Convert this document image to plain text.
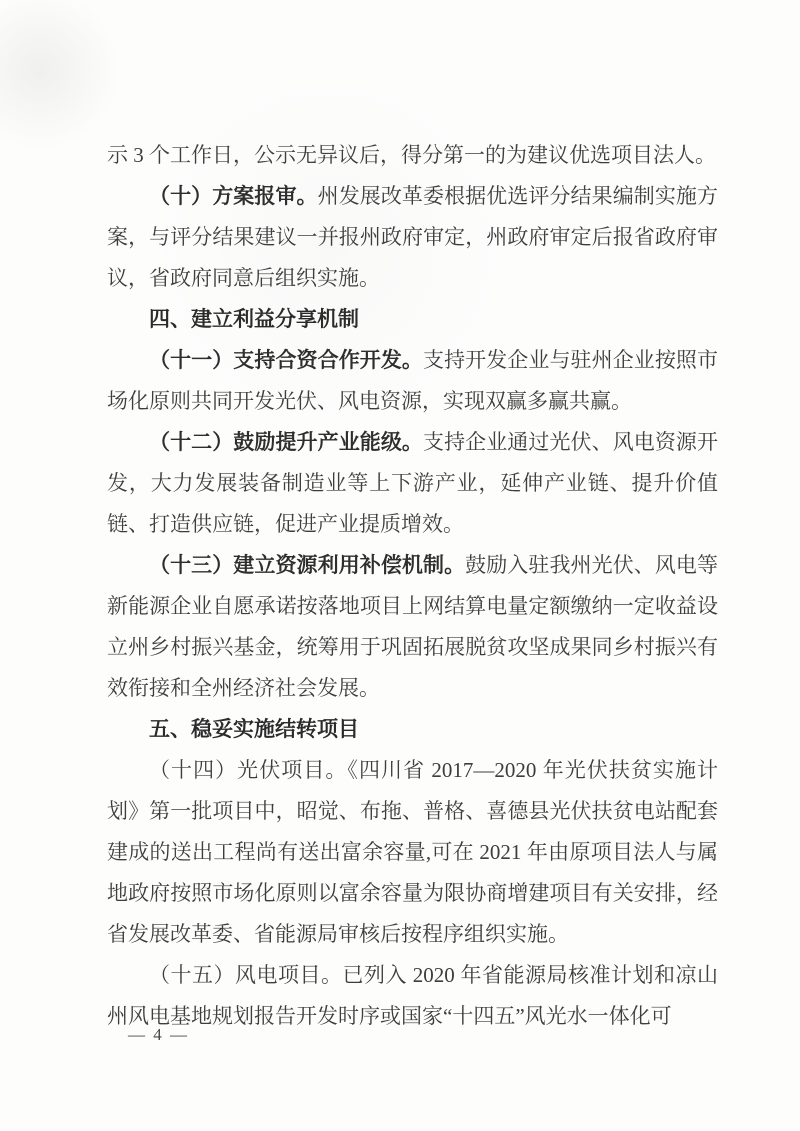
示 3 个工作日，公示无异议后，得分第一的为建议优选项目法人。

（十）方案报审。州发展改革委根据优选评分结果编制实施方案，与评分结果建议一并报州政府审定，州政府审定后报省政府审议，省政府同意后组织实施。

四、建立利益分享机制

（十一）支持合资合作开发。支持开发企业与驻州企业按照市场化原则共同开发光伏、风电资源，实现双赢多赢共赢。

（十二）鼓励提升产业能级。支持企业通过光伏、风电资源开发，大力发展装备制造业等上下游产业，延伸产业链、提升价值链、打造供应链，促进产业提质增效。

（十三）建立资源利用补偿机制。鼓励入驻我州光伏、风电等新能源企业自愿承诺按落地项目上网结算电量定额缴纳一定收益设立州乡村振兴基金，统筹用于巩固拓展脱贫攻坚成果同乡村振兴有效衔接和全州经济社会发展。

五、稳妥实施结转项目

（十四）光伏项目。《四川省 2017—2020 年光伏扶贫实施计划》第一批项目中，昭觉、布拖、普格、喜德县光伏扶贫电站配套建成的送出工程尚有送出富余容量,可在 2021 年由原项目法人与属地政府按照市场化原则以富余容量为限协商增建项目有关安排，经省发展改革委、省能源局审核后按程序组织实施。

（十五）风电项目。已列入 2020 年省能源局核准计划和凉山州风电基地规划报告开发时序或国家“十四五”风光水一体化可

— 4 —
